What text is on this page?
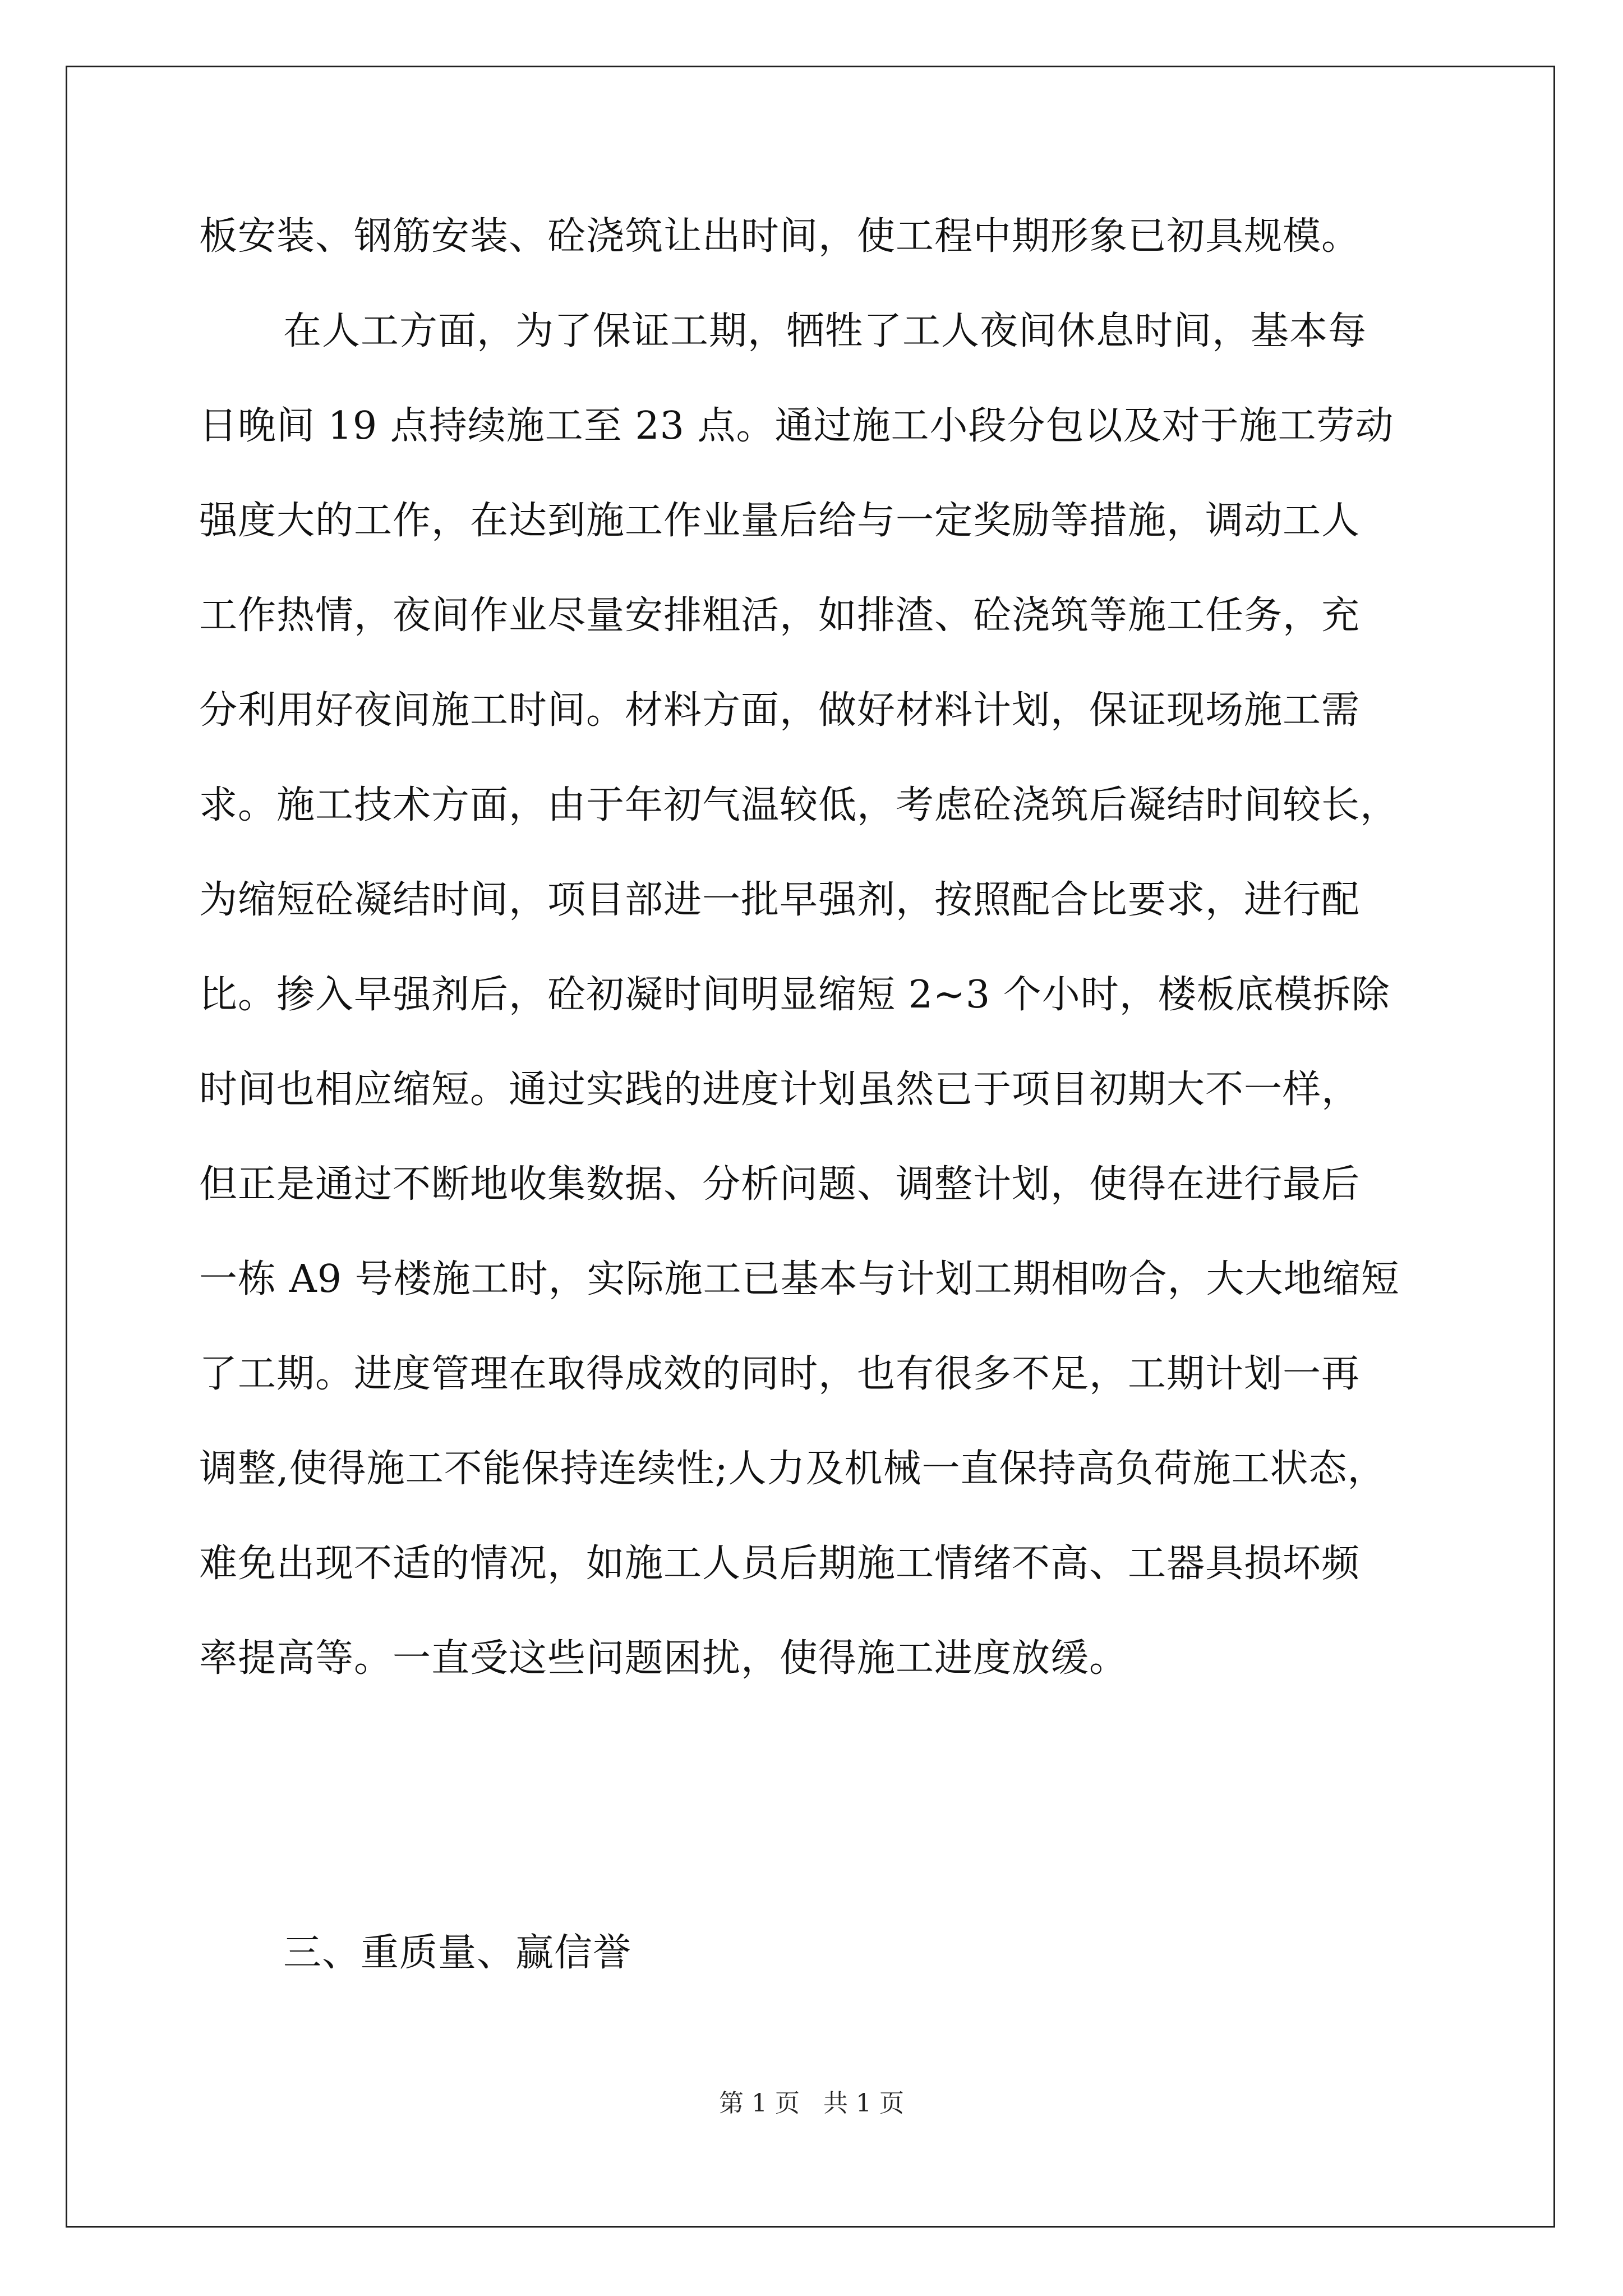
板安装、钢筋安装、砼浇筑让出时间，使工程中期形象已初具规模。
在人工方面，为了保证工期，牺牲了工人夜间休息时间，基本每
日晚间 19 点持续施工至 23 点。通过施工小段分包以及对于施工劳动
强度大的工作，在达到施工作业量后给与一定奖励等措施，调动工人
工作热情，夜间作业尽量安排粗活，如排渣、砼浇筑等施工任务，充
分利用好夜间施工时间。材料方面，做好材料计划，保证现场施工需
求。施工技术方面，由于年初气温较低，考虑砼浇筑后凝结时间较长，
为缩短砼凝结时间，项目部进一批早强剂，按照配合比要求，进行配
比。掺入早强剂后，砼初凝时间明显缩短 2~3 个小时，楼板底模拆除
时间也相应缩短。通过实践的进度计划虽然已于项目初期大不一样，
但正是通过不断地收集数据、分析问题、调整计划，使得在进行最后
一栋 A9 号楼施工时，实际施工已基本与计划工期相吻合，大大地缩短
了工期。进度管理在取得成效的同时，也有很多不足，工期计划一再
调整,使得施工不能保持连续性;人力及机械一直保持高负荷施工状态，
难免出现不适的情况，如施工人员后期施工情绪不高、工器具损坏频
率提高等。一直受这些问题困扰，使得施工进度放缓。
三、重质量、赢信誉
第 1 页   共 1 页
